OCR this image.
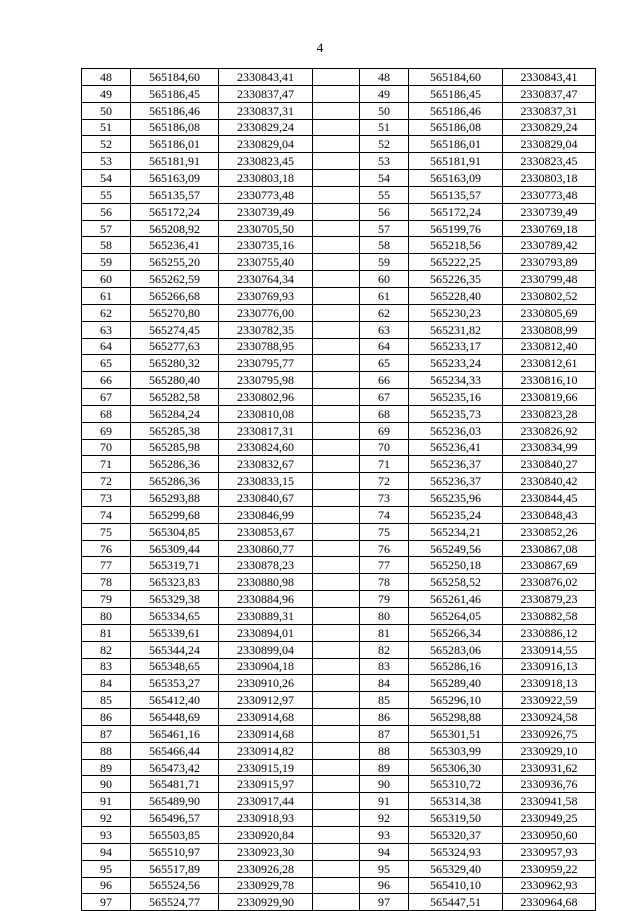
4
48	565184,60	2330843,41		48	565184,60	2330843,41
49	565186,45	2330837,47		49	565186,45	2330837,47
50	565186,46	2330837,31		50	565186,46	2330837,31
51	565186,08	2330829,24		51	565186,08	2330829,24
52	565186,01	2330829,04		52	565186,01	2330829,04
53	565181,91	2330823,45		53	565181,91	2330823,45
54	565163,09	2330803,18		54	565163,09	2330803,18
55	565135,57	2330773,48		55	565135,57	2330773,48
56	565172,24	2330739,49		56	565172,24	2330739,49
57	565208,92	2330705,50		57	565199,76	2330769,18
58	565236,41	2330735,16		58	565218,56	2330789,42
59	565255,20	2330755,40		59	565222,25	2330793,89
60	565262,59	2330764,34		60	565226,35	2330799,48
61	565266,68	2330769,93		61	565228,40	2330802,52
62	565270,80	2330776,00		62	565230,23	2330805,69
63	565274,45	2330782,35		63	565231,82	2330808,99
64	565277,63	2330788,95		64	565233,17	2330812,40
65	565280,32	2330795,77		65	565233,24	2330812,61
66	565280,40	2330795,98		66	565234,33	2330816,10
67	565282,58	2330802,96		67	565235,16	2330819,66
68	565284,24	2330810,08		68	565235,73	2330823,28
69	565285,38	2330817,31		69	565236,03	2330826,92
70	565285,98	2330824,60		70	565236,41	2330834,99
71	565286,36	2330832,67		71	565236,37	2330840,27
72	565286,36	2330833,15		72	565236,37	2330840,42
73	565293,88	2330840,67		73	565235,96	2330844,45
74	565299,68	2330846,99		74	565235,24	2330848,43
75	565304,85	2330853,67		75	565234,21	2330852,26
76	565309,44	2330860,77		76	565249,56	2330867,08
77	565319,71	2330878,23		77	565250,18	2330867,69
78	565323,83	2330880,98		78	565258,52	2330876,02
79	565329,38	2330884,96		79	565261,46	2330879,23
80	565334,65	2330889,31		80	565264,05	2330882,58
81	565339,61	2330894,01		81	565266,34	2330886,12
82	565344,24	2330899,04		82	565283,06	2330914,55
83	565348,65	2330904,18		83	565286,16	2330916,13
84	565353,27	2330910,26		84	565289,40	2330918,13
85	565412,40	2330912,97		85	565296,10	2330922,59
86	565448,69	2330914,68		86	565298,88	2330924,58
87	565461,16	2330914,68		87	565301,51	2330926,75
88	565466,44	2330914,82		88	565303,99	2330929,10
89	565473,42	2330915,19		89	565306,30	2330931,62
90	565481,71	2330915,97		90	565310,72	2330936,76
91	565489,90	2330917,44		91	565314,38	2330941,58
92	565496,57	2330918,93		92	565319,50	2330949,25
93	565503,85	2330920,84		93	565320,37	2330950,60
94	565510,97	2330923,30		94	565324,93	2330957,93
95	565517,89	2330926,28		95	565329,40	2330959,22
96	565524,56	2330929,78		96	565410,10	2330962,93
97	565524,77	2330929,90		97	565447,51	2330964,68
